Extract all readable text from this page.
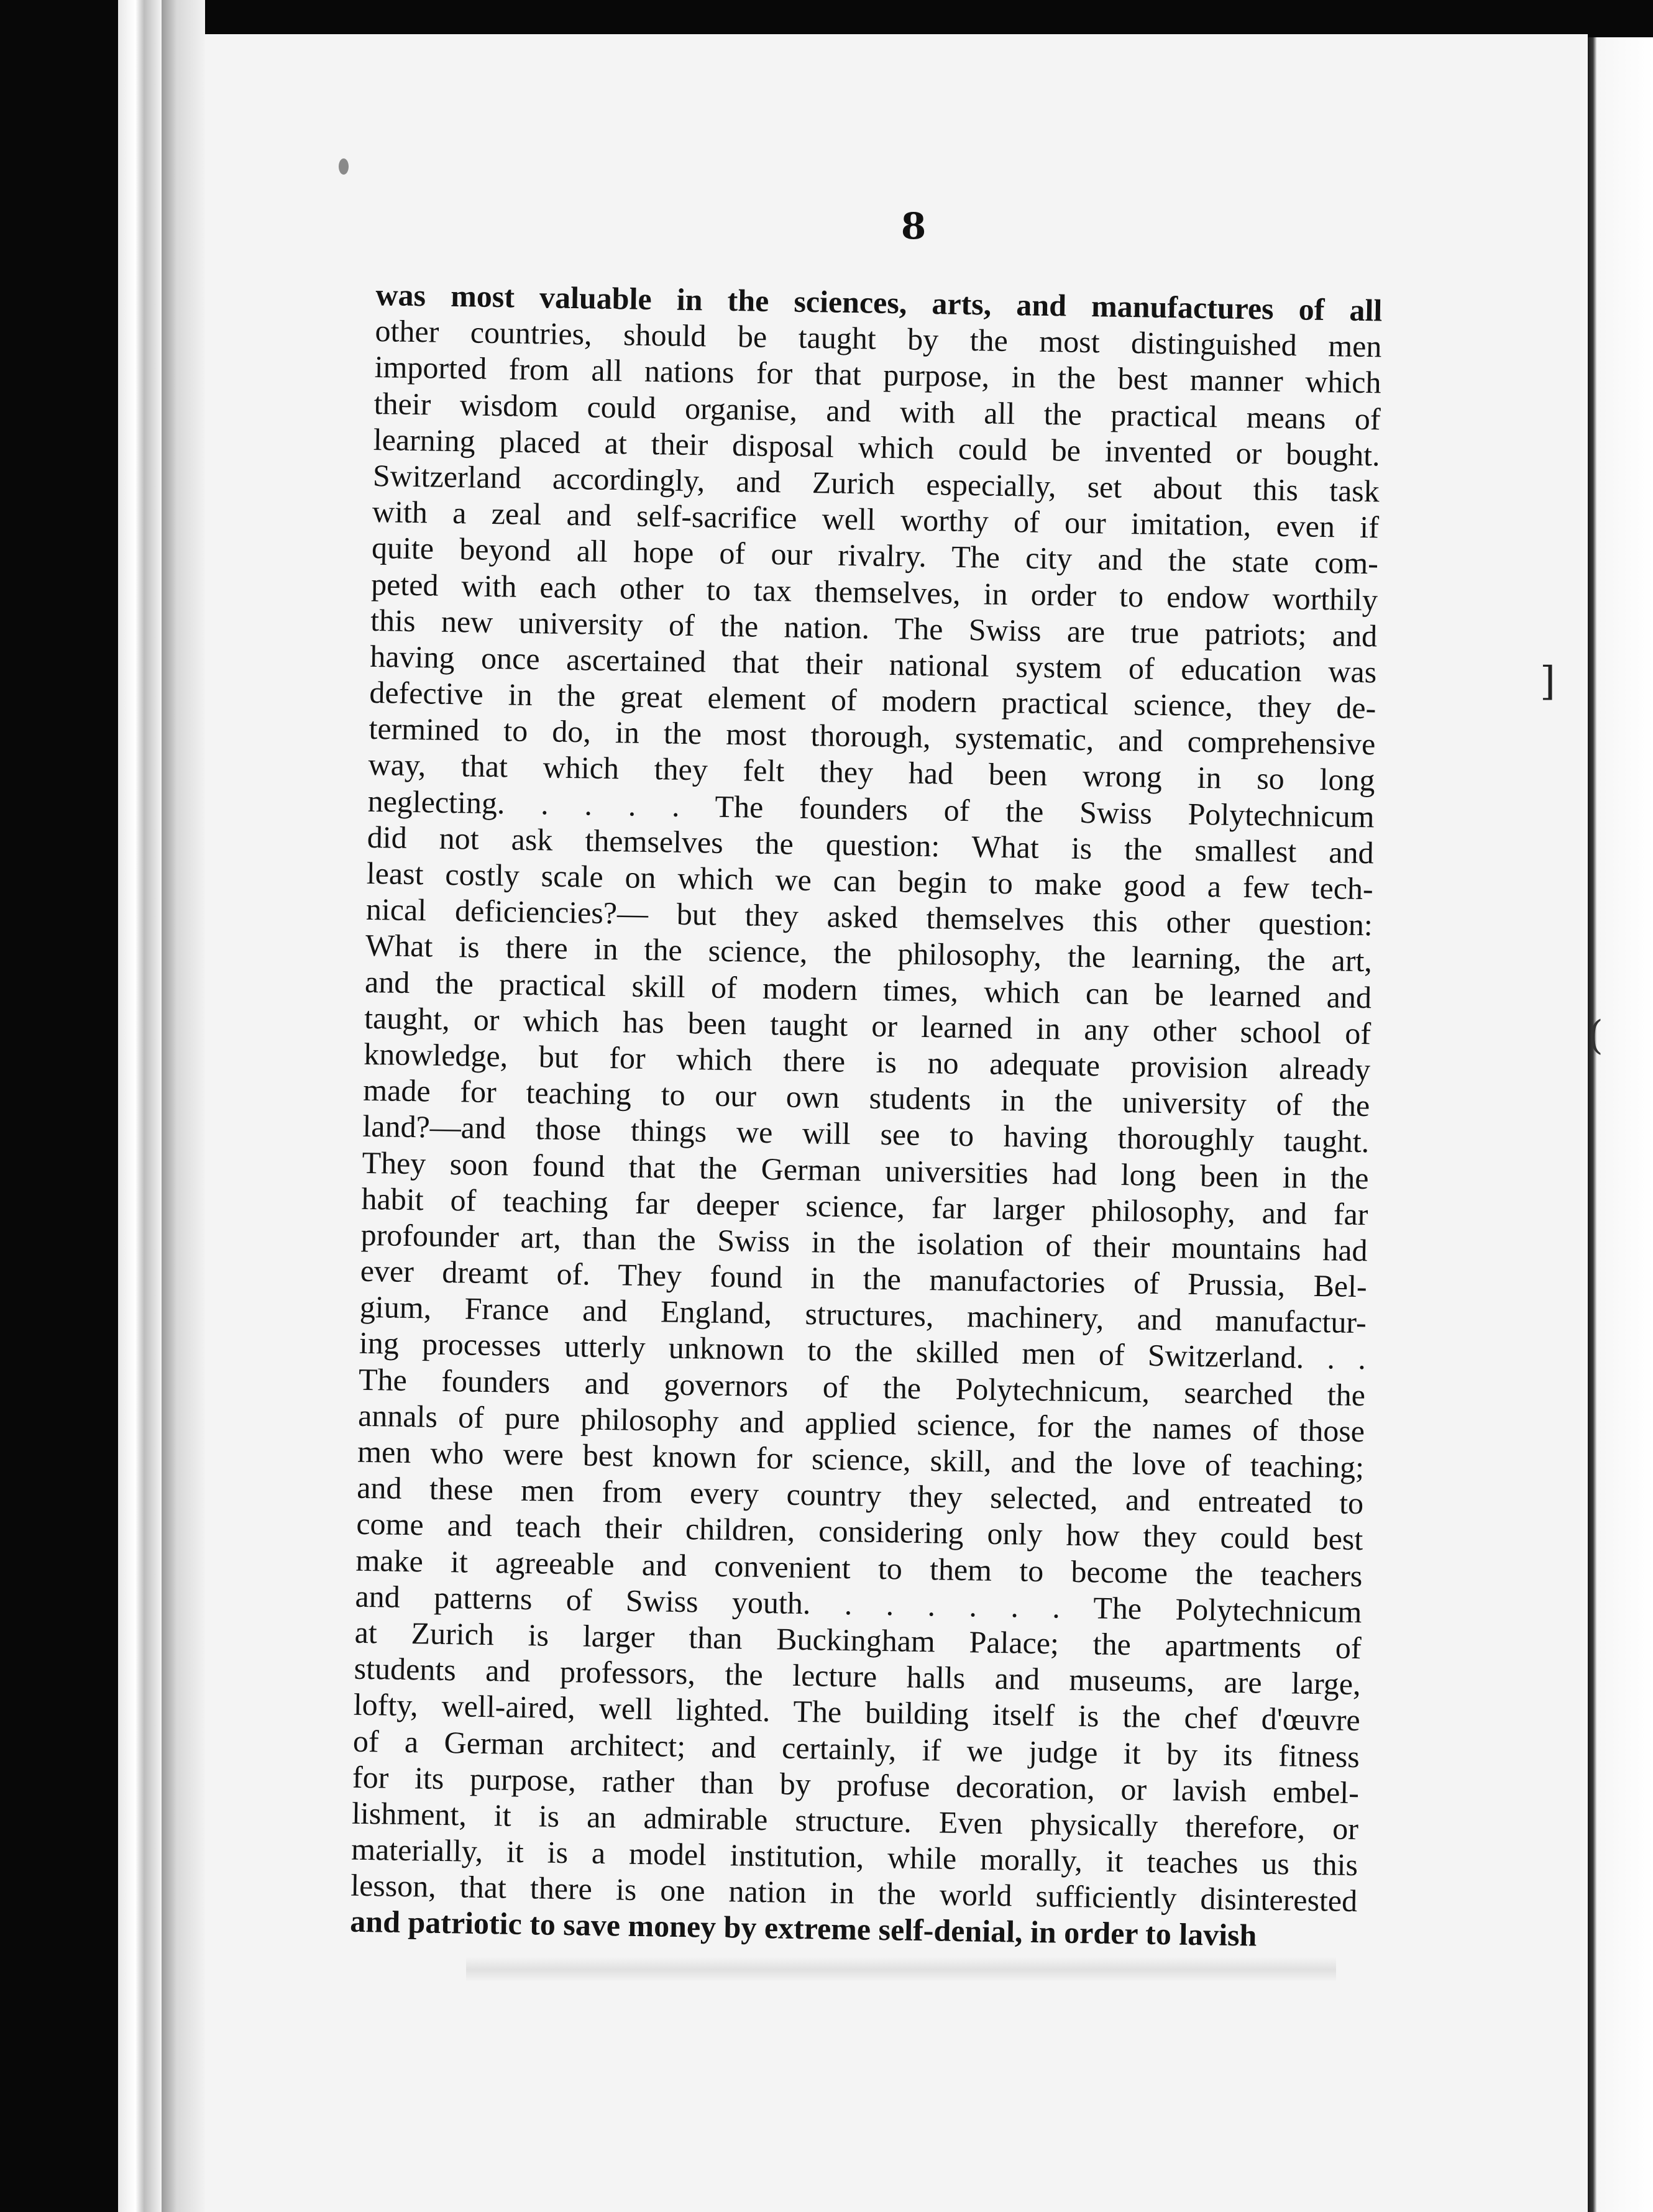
]
(
8
was most valuable in the sciences, arts, and manufactures of all
other countries, should be taught by the most distinguished men
imported from all nations for that purpose, in the best manner which
their wisdom could organise, and with all the practical means of
learning placed at their disposal which could be invented or bought.
Switzerland accordingly, and Zurich especially, set about this task
with a zeal and self-sacrifice well worthy of our imitation, even if
quite beyond all hope of our rivalry. The city and the state com-
peted with each other to tax themselves, in order to endow worthily
this new university of the nation. The Swiss are true patriots; and
having once ascertained that their national system of education was
defective in the great element of modern practical science, they de-
termined to do, in the most thorough, systematic, and comprehensive
way, that which they felt they had been wrong in so long
neglecting. . . . . The founders of the Swiss Polytechnicum
did not ask themselves the question: What is the smallest and
least costly scale on which we can begin to make good a few tech-
nical deficiencies?— but they asked themselves this other question:
What is there in the science, the philosophy, the learning, the art,
and the practical skill of modern times, which can be learned and
taught, or which has been taught or learned in any other school of
knowledge, but for which there is no adequate provision already
made for teaching to our own students in the university of the
land?—and those things we will see to having thoroughly taught.
They soon found that the German universities had long been in the
habit of teaching far deeper science, far larger philosophy, and far
profounder art, than the Swiss in the isolation of their mountains had
ever dreamt of. They found in the manufactories of Prussia, Bel-
gium, France and England, structures, machinery, and manufactur-
ing processes utterly unknown to the skilled men of Switzerland. . .
The founders and governors of the Polytechnicum, searched the
annals of pure philosophy and applied science, for the names of those
men who were best known for science, skill, and the love of teaching;
and these men from every country they selected, and entreated to
come and teach their children, considering only how they could best
make it agreeable and convenient to them to become the teachers
and patterns of Swiss youth. . . . . . . The Polytechnicum
at Zurich is larger than Buckingham Palace; the apartments of
students and professors, the lecture halls and museums, are large,
lofty, well-aired, well lighted. The building itself is the chef d'œuvre
of a German architect; and certainly, if we judge it by its fitness
for its purpose, rather than by profuse decoration, or lavish embel-
lishment, it is an admirable structure. Even physically therefore, or
materially, it is a model institution, while morally, it teaches us this
lesson, that there is one nation in the world sufficiently disinterested
and patriotic to save money by extreme self-denial, in order to lavish
